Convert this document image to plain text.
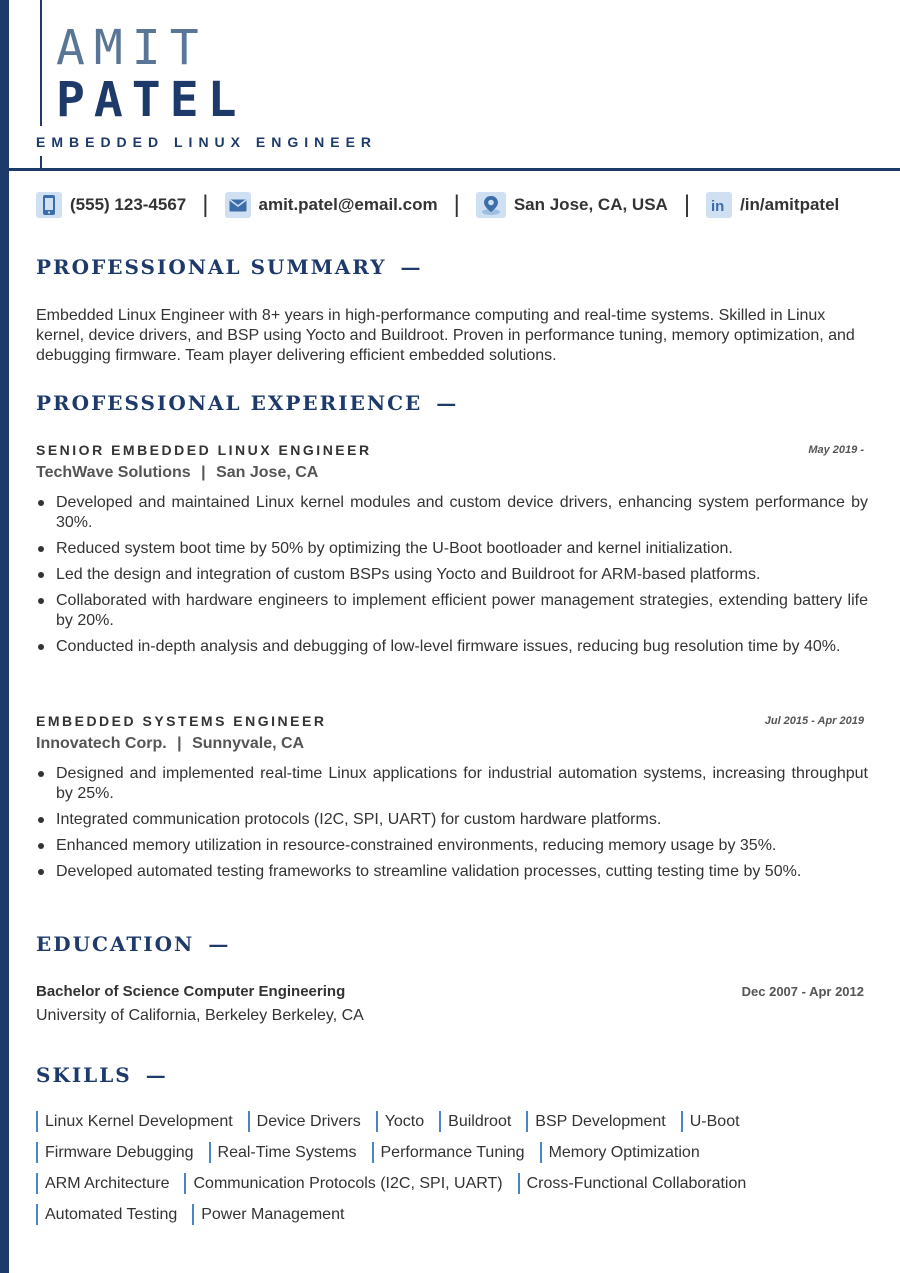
AMIT
PATEL
EMBEDDED LINUX ENGINEER
(555) 123-4567 |	amit.patel@email.com |	San Jose, CA, USA | in /in/amitpatel
PROFESSIONAL SUMMARY —
Embedded Linux Engineer with 8+ years in high-performance computing and real-time systems. Skilled in Linux kernel, device drivers, and BSP using Yocto and Buildroot. Proven in performance tuning, memory optimization, and debugging firmware. Team player delivering efficient embedded solutions.
PROFESSIONAL EXPERIENCE —
SENIOR EMBEDDED LINUX ENGINEER	May 2019 -
TechWave Solutions | San Jose, CA
Developed and maintained Linux kernel modules and custom device drivers, enhancing system performance by 30%.
Reduced system boot time by 50% by optimizing the U-Boot bootloader and kernel initialization.
Led the design and integration of custom BSPs using Yocto and Buildroot for ARM-based platforms.
Collaborated with hardware engineers to implement efficient power management strategies, extending battery life by 20%.
Conducted in-depth analysis and debugging of low-level firmware issues, reducing bug resolution time by 40%.
EMBEDDED SYSTEMS ENGINEER	Jul 2015 - Apr 2019
Innovatech Corp. | Sunnyvale, CA
Designed and implemented real-time Linux applications for industrial automation systems, increasing throughput by 25%.
Integrated communication protocols (I2C, SPI, UART) for custom hardware platforms.
Enhanced memory utilization in resource-constrained environments, reducing memory usage by 35%.
Developed automated testing frameworks to streamline validation processes, cutting testing time by 50%.
EDUCATION —
Bachelor of Science Computer Engineering	Dec 2007 - Apr 2012
University of California, Berkeley Berkeley, CA
SKILLS —
Linux Kernel Development	Device Drivers	Yocto	Buildroot	BSP Development	U-Boot
Firmware Debugging	Real-Time Systems	Performance Tuning	Memory Optimization
ARM Architecture	Communication Protocols (I2C, SPI, UART)	Cross-Functional Collaboration
Automated Testing	Power Management
